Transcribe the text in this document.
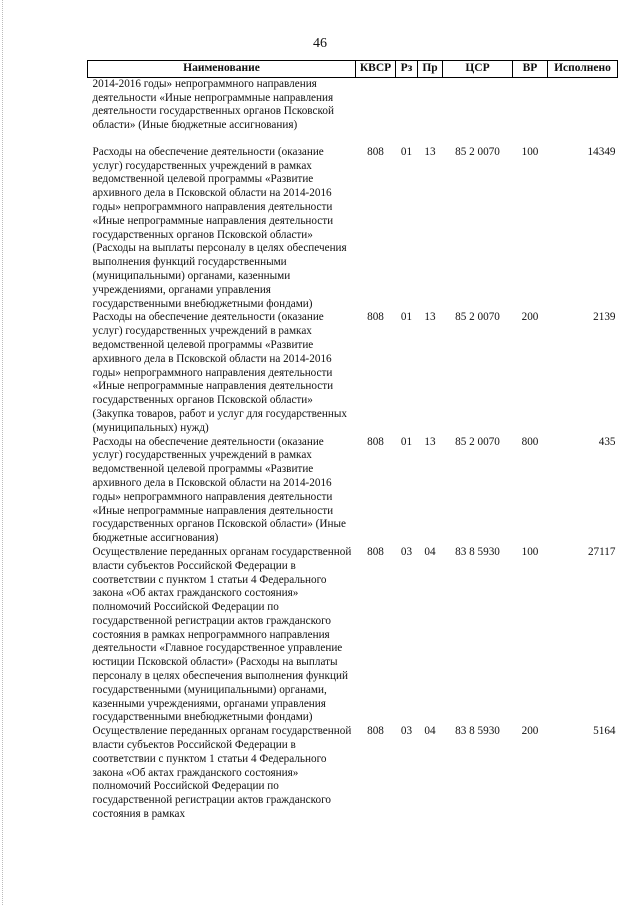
46
Наименование	КВСР	Рз	Пр	ЦСР	ВР	Исполнено
2014-2016 годы» непрограммного направления деятельности «Иные непрограммные направления деятельности государственных органов Псковской области» (Иные бюджетные ассигнования)						
Расходы на обеспечение деятельности (оказание услуг) государственных учреждений в рамках ведомственной целевой программы «Развитие архивного дела в Псковской области на 2014-2016 годы» непрограммного направления деятельности «Иные непрограммные направления деятельности государственных органов Псковской области» (Расходы на выплаты персоналу в целях обеспечения выполнения функций государственными (муниципальными) органами, казенными учреждениями, органами управления государственными внебюджетными фондами)	808	01	13	85 2 0070	100	14349
Расходы на обеспечение деятельности (оказание услуг) государственных учреждений в рамках ведомственной целевой программы «Развитие архивного дела в Псковской области на 2014-2016 годы» непрограммного направления деятельности «Иные непрограммные направления деятельности государственных органов Псковской области» (Закупка товаров, работ и услуг для государственных (муниципальных) нужд)	808	01	13	85 2 0070	200	2139
Расходы на обеспечение деятельности (оказание услуг) государственных учреждений в рамках ведомственной целевой программы «Развитие архивного дела в Псковской области на 2014-2016 годы» непрограммного направления деятельности «Иные непрограммные направления деятельности государственных органов Псковской области» (Иные бюджетные ассигнования)	808	01	13	85 2 0070	800	435
Осуществление переданных органам государственной власти субъектов Российской Федерации в соответствии с пунктом 1 статьи 4 Федерального закона «Об актах гражданского состояния» полномочий Российской Федерации по государственной регистрации актов гражданского состояния в рамках непрограммного направления деятельности «Главное государственное управление юстиции Псковской области» (Расходы на выплаты персоналу в целях обеспечения выполнения функций государственными (муниципальными) органами, казенными учреждениями, органами управления государственными внебюджетными фондами)	808	03	04	83 8 5930	100	27117
Осуществление переданных органам государственной власти субъектов Российской Федерации в соответствии с пунктом 1 статьи 4 Федерального закона «Об актах гражданского состояния» полномочий Российской Федерации по государственной регистрации актов гражданского состояния в рамках	808	03	04	83 8 5930	200	5164
